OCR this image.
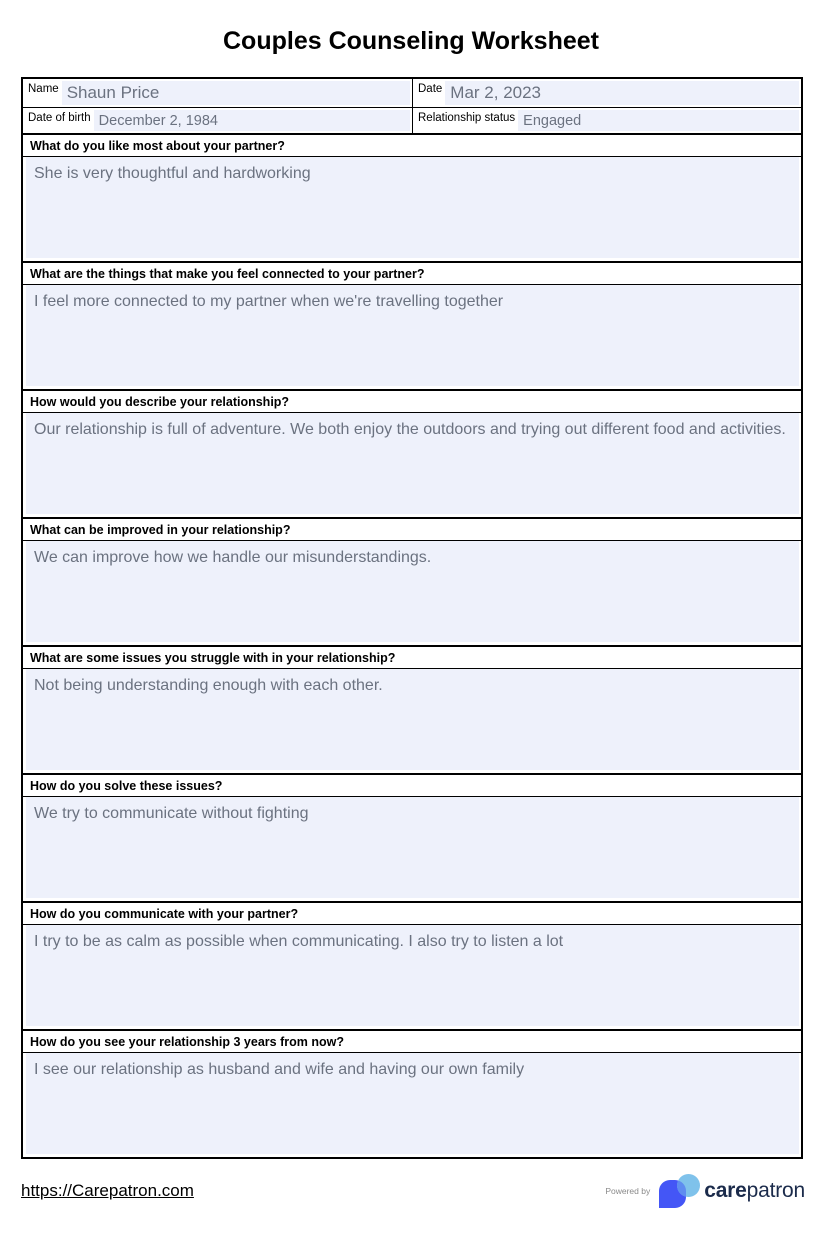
Couples Counseling Worksheet
Name Shaun Price	Date Mar 2, 2023
Date of birth December 2, 1984	Relationship status Engaged
What do you like most about your partner?
She is very thoughtful and hardworking
What are the things that make you feel connected to your partner?
I feel more connected to my partner when we're travelling together
How would you describe your relationship?
Our relationship is full of adventure. We both enjoy the outdoors and trying out different food and activities.
What can be improved in your relationship?
We can improve how we handle our misunderstandings.
What are some issues you struggle with in your relationship?
Not being understanding enough with each other.
How do you solve these issues?
We try to communicate without fighting
How do you communicate with your partner?
I try to be as calm as possible when communicating. I also try to listen a lot
How do you see your relationship 3 years from now?
I see our relationship as husband and wife and having our own family
https://Carepatron.com	Powered by	carepatron
